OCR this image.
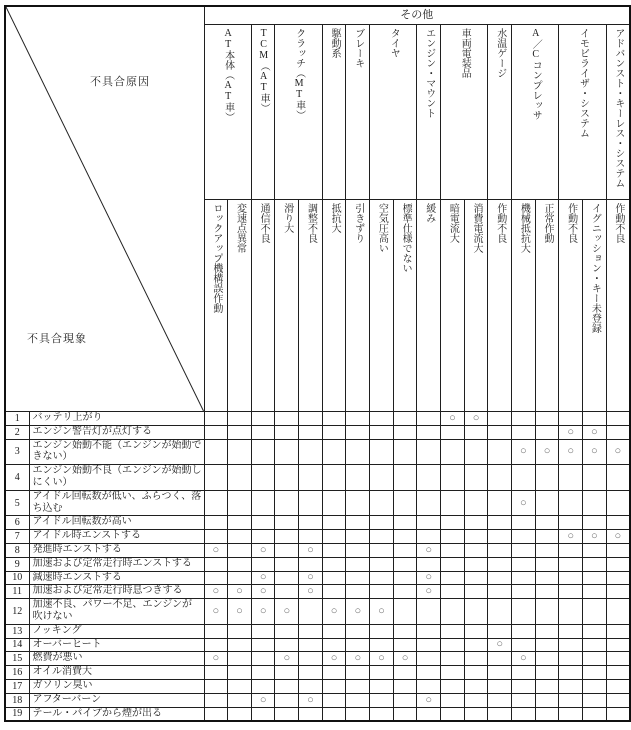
不具合原因
不具合現象		その他																	
		AT本体（AT車）		TCM（AT車）	クラッチ（MT車）		駆動系	ブレーキ	タイヤ		エンジン・マウント	車両電装品		水温ゲージ	A／Cコンプレッサ		イモビライザ・システム		アドバンスト・キーレス・システム
		ロックアップ機構誤作動	変速点異常	通信不良	滑り大	調整不良	抵抗大	引きずり	空気圧高い	標準仕様でない	緩み	暗電流大	消費電流大	作動不良	機械抵抗大	正常作動	作動不良	イグニッション・キー未登録	作動不良
1	バッテリ上がり											○	○						
2	エンジン警告灯が点灯する																○	○	
3	エンジン始動不能（エンジンが始動できない）														○	○	○	○	○
4	エンジン始動不良（エンジンが始動しにくい）																		
5	アイドル回転数が低い、ふらつく、落ち込む														○				
6	アイドル回転数が高い																		
7	アイドル時エンストする																○	○	○
8	発進時エンストする	○		○		○					○								
9	加速および定常走行時エンストする																		
10	減速時エンストする			○		○					○								
11	加速および定常走行時息つきする	○	○	○		○					○								
12	加速不良、パワー不足、エンジンが吹けない	○	○	○	○		○	○	○										
13	ノッキング																		
14	オーバーヒート													○					
15	燃費が悪い	○			○		○	○	○	○					○				
16	オイル消費大																		
17	ガソリン臭い																		
18	アフターバーン			○		○					○								
19	テール・パイプから煙が出る																		
